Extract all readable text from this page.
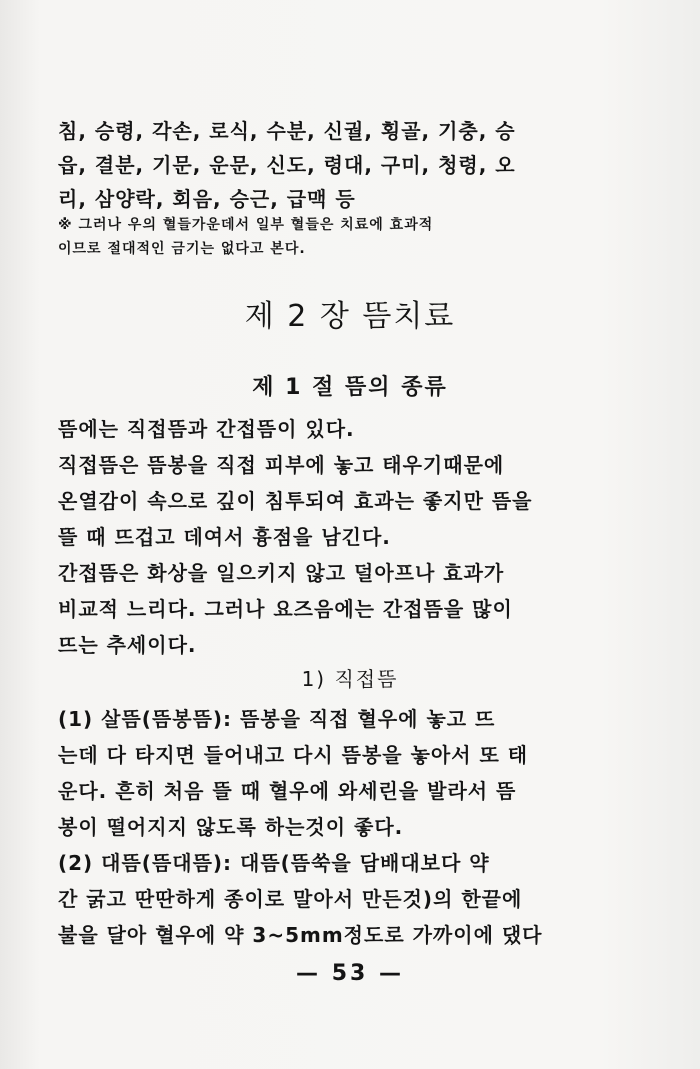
침, 승령, 각손, 로식, 수분, 신궐, 횡골, 기충, 승
읍, 결분, 기문, 운문, 신도, 령대, 구미, 청령, 오
리, 삼양락, 회음, 승근, 급맥 등
※ 그러나 우의 혈들가운데서 일부 혈들은 치료에 효과적
이므로 절대적인 금기는 없다고 본다.
제 2 장 뜸치료
제 1 절 뜸의 종류
뜸에는 직접뜸과 간접뜸이 있다.
직접뜸은 뜸봉을 직접 피부에 놓고 태우기때문에
온열감이 속으로 깊이 침투되여 효과는 좋지만 뜸을
뜰 때 뜨겁고 데여서 흉점을 남긴다.
간접뜸은 화상을 일으키지 않고 덜아프나 효과가
비교적 느리다. 그러나 요즈음에는 간접뜸을 많이
뜨는 추세이다.
1) 직접뜸
(1) 살뜸(뜸봉뜸): 뜸봉을 직접 혈우에 놓고 뜨
는데 다 타지면 들어내고 다시 뜸봉을 놓아서 또 태
운다. 흔히 처음 뜰 때 혈우에 와세린을 발라서 뜸
봉이 떨어지지 않도록 하는것이 좋다.
(2) 대뜸(뜸대뜸): 대뜸(뜸쑥을 담배대보다 약
간 굵고 딴딴하게 종이로 말아서 만든것)의 한끝에
불을 달아 혈우에 약 3~5mm정도로 가까이에 댔다
— 53 —
